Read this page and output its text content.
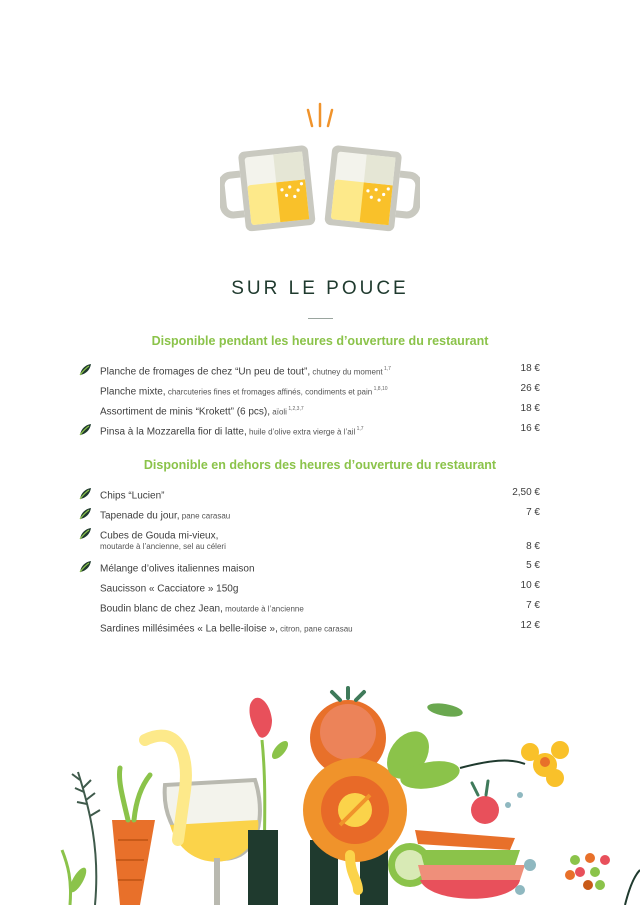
SUR LE POUCE
Disponible pendant les heures d’ouverture du restaurant
Planche de fromages de chez “Un peu de tout”, chutney du moment $^{1,7}$	18 €
Planche mixte, charcuteries fines et fromages affinés, condiments et pain $^{1,8,10}$	26 €
Assortiment de minis “Krokett” (6 pcs), aïoli $^{1,2,3,7}$	18 €
Pinsa à la Mozzarella fior di latte, huile d’olive extra vierge à l’ail $^{1,7}$	16 €
Disponible en dehors des heures d’ouverture du restaurant
Chips “Lucien”	2,50 €
Tapenade du jour, pane carasau	7 €
Cubes de Gouda mi-vieux,
moutarde à l’ancienne, sel au céleri	8 €
Mélange d’olives italiennes maison	5 €
Saucisson « Cacciatore » 150g	10 €
Boudin blanc de chez Jean, moutarde à l’ancienne	7 €
Sardines millésimées « La belle-iloise », citron, pane carasau	12 €
